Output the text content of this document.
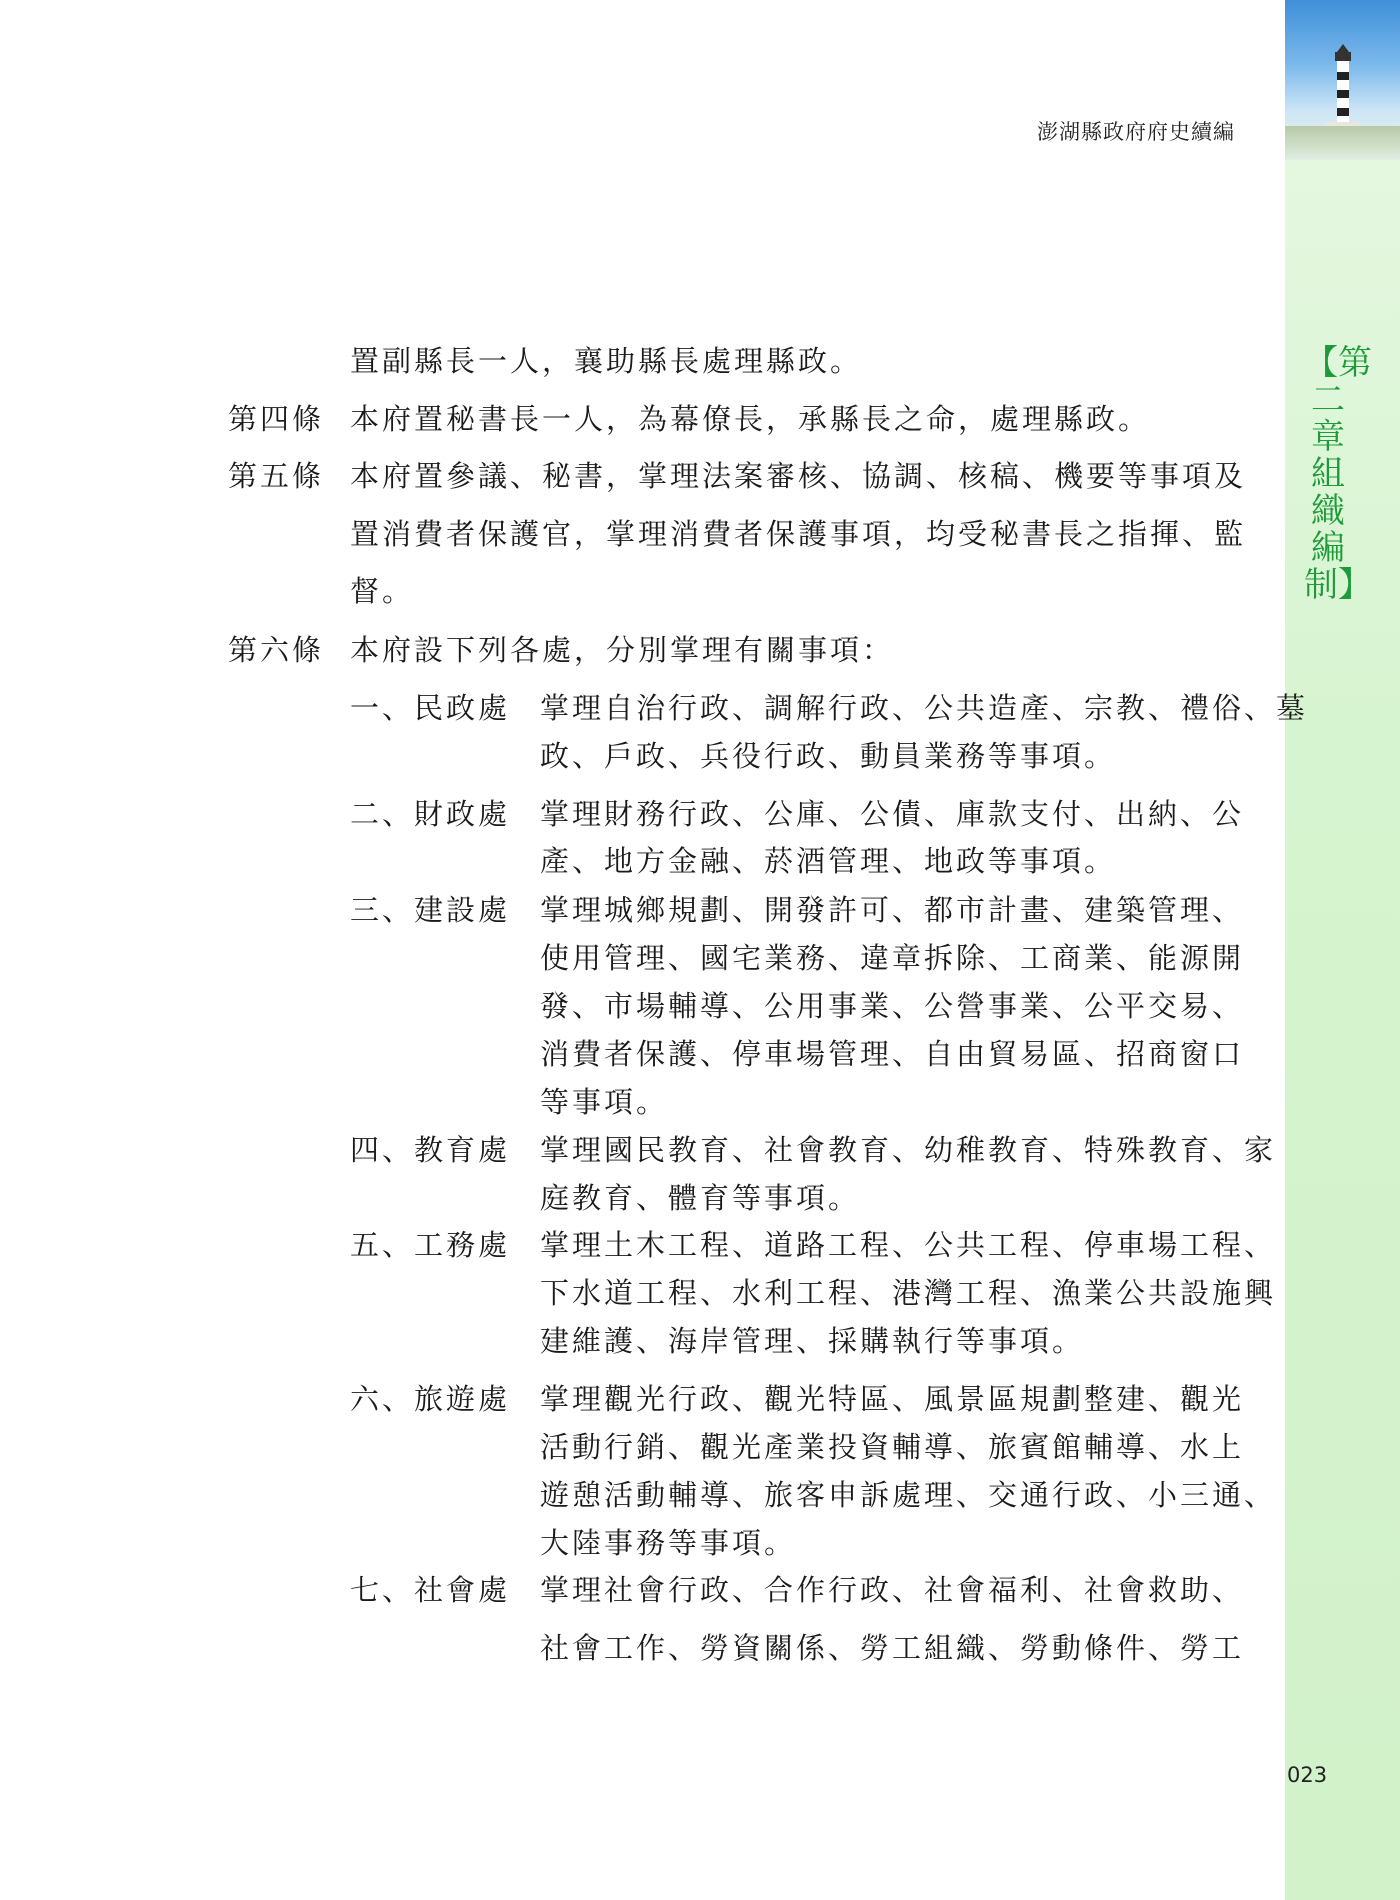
【第二章 組織編制】
澎湖縣政府府史續編
置副縣長一人，襄助縣長處理縣政。
第四條 本府置秘書長一人，為幕僚長，承縣長之命，處理縣政。
第五條 本府置參議、秘書，掌理法案審核、協調、核稿、機要等事項及
置消費者保護官，掌理消費者保護事項，均受秘書長之指揮、監
督。
第六條 本府設下列各處，分別掌理有關事項：
一、民政處 掌理自治行政、調解行政、公共造產、宗教、禮俗、墓
政、戶政、兵役行政、動員業務等事項。
二、財政處 掌理財務行政、公庫、公債、庫款支付、出納、公
產、地方金融、菸酒管理、地政等事項。
三、建設處 掌理城鄉規劃、開發許可、都市計畫、建築管理、
使用管理、國宅業務、違章拆除、工商業、能源開
發、市場輔導、公用事業、公營事業、公平交易、
消費者保護、停車場管理、自由貿易區、招商窗口
等事項。
四、教育處 掌理國民教育、社會教育、幼稚教育、特殊教育、家
庭教育、體育等事項。
五、工務處 掌理土木工程、道路工程、公共工程、停車場工程、
下水道工程、水利工程、港灣工程、漁業公共設施興
建維護、海岸管理、採購執行等事項。
六、旅遊處 掌理觀光行政、觀光特區、風景區規劃整建、觀光
活動行銷、觀光產業投資輔導、旅賓館輔導、水上
遊憩活動輔導、旅客申訴處理、交通行政、小三通、
大陸事務等事項。
七、社會處 掌理社會行政、合作行政、社會福利、社會救助、
社會工作、勞資關係、勞工組織、勞動條件、勞工
023
